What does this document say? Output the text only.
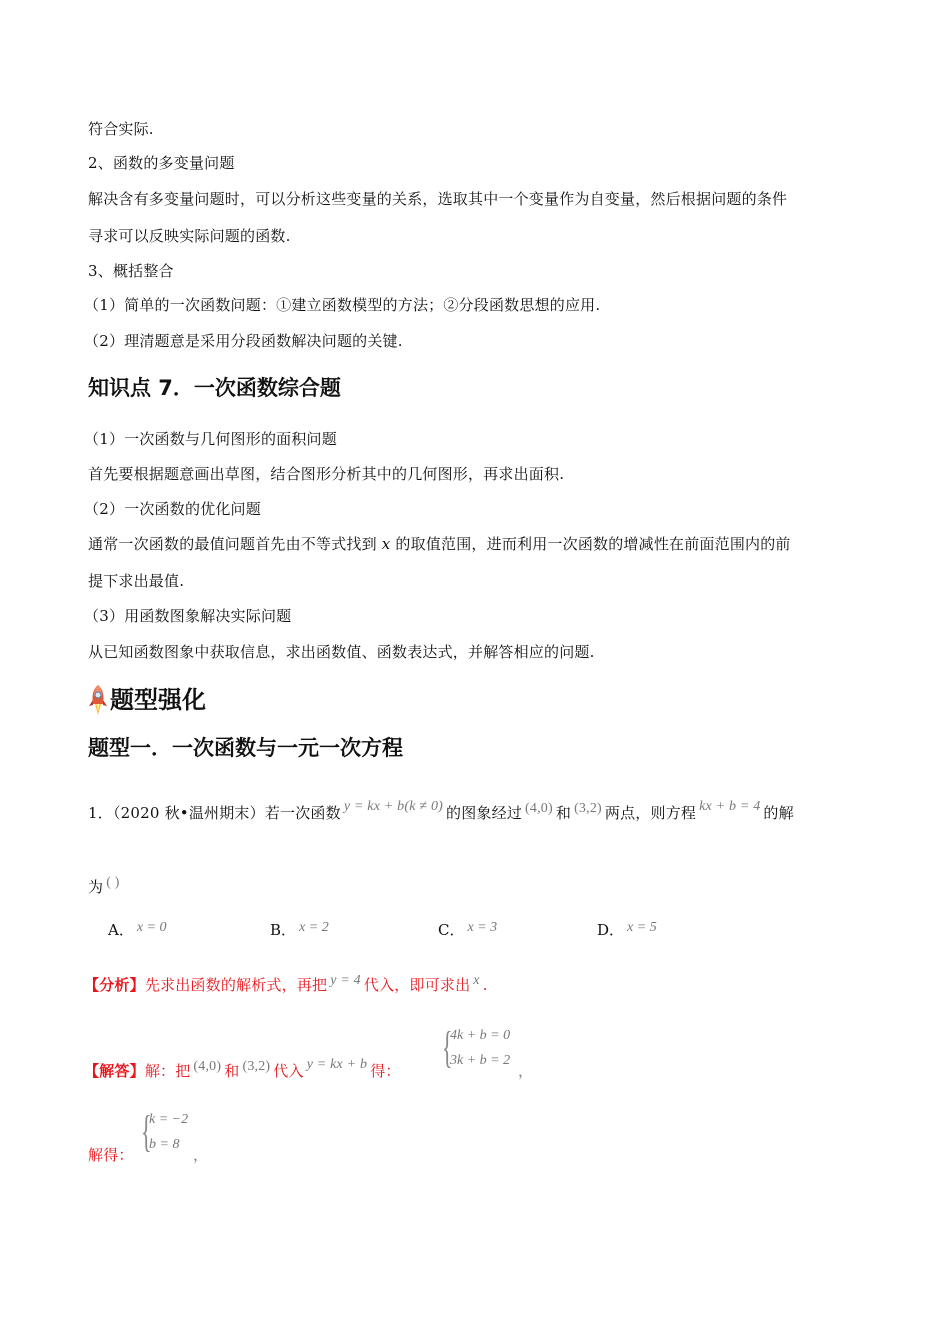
符合实际.
2、函数的多变量问题
解决含有多变量问题时，可以分析这些变量的关系，选取其中一个变量作为自变量，然后根据问题的条件
寻求可以反映实际问题的函数.
3、概括整合
（1）简单的一次函数问题：①建立函数模型的方法；②分段函数思想的应用.
（2）理清题意是采用分段函数解决问题的关键.
知识点 7．一次函数综合题
（1）一次函数与几何图形的面积问题
首先要根据题意画出草图，结合图形分析其中的几何图形，再求出面积.
（2）一次函数的优化问题
通常一次函数的最值问题首先由不等式找到 x 的取值范围，进而利用一次函数的增减性在前面范围内的前
提下求出最值.
（3）用函数图象解决实际问题
从已知函数图象中获取信息，求出函数值、函数表达式，并解答相应的问题.
题型强化
题型一．一次函数与一元一次方程
1．（2020 秋•温州期末）若一次函数 y = kx + b(k ≠ 0) 的图象经过 (4,0) 和 (3,2) 两点，则方程 kx + b = 4 的解
为 ( )
A． x = 0	B． x = 2	C． x = 3	D． x = 5
【分析】先求出函数的解析式，再把 y = 4 代入，即可求出 x .
【解答】解：把 (4,0) 和 (3,2) 代入 y = kx + b 得： {
4k + b = 0
3k + b = 2
，
解得： {
k = −2
b = 8
，
